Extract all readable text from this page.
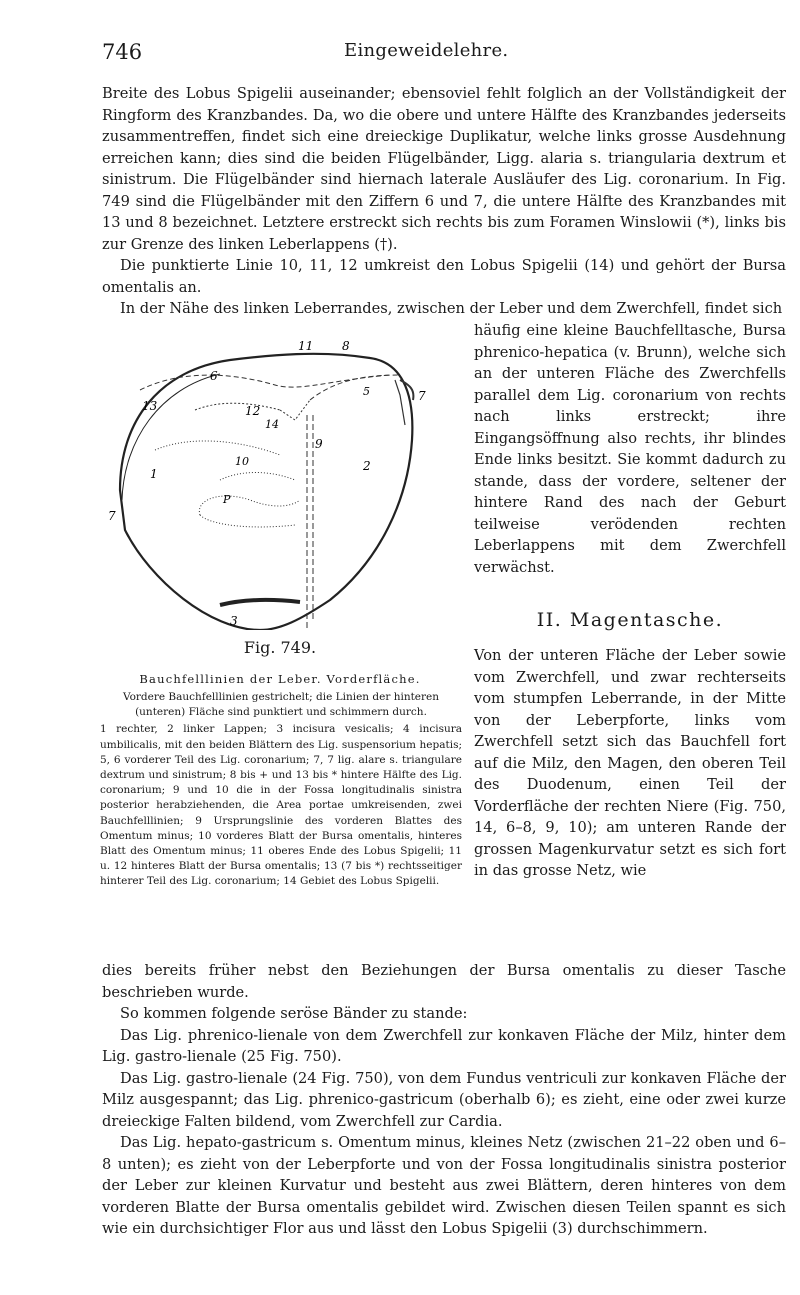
746	Eingeweidelehre.
Breite des Lobus Spigelii auseinander; ebensoviel fehlt folglich an der Vollständigkeit der Ringform des Kranzbandes. Da, wo die obere und untere Hälfte des Kranzbandes jederseits zusammentreffen, findet sich eine dreieckige Duplikatur, welche links grosse Ausdehnung erreichen kann; dies sind die beiden Flügelbänder, Ligg. alaria s. triangularia dextrum et sinistrum. Die Flügelbänder sind hiernach laterale Ausläufer des Lig. coronarium. In Fig. 749 sind die Flügelbänder mit den Ziffern 6 und 7, die untere Hälfte des Kranzbandes mit 13 und 8 bezeichnet. Letztere erstreckt sich rechts bis zum Foramen Winslowii (*), links bis zur Grenze des linken Leberlappens (†).
Die punktierte Linie 10, 11, 12 umkreist den Lobus Spigelii (14) und gehört der Bursa omentalis an.
In der Nähe des linken Leberrandes, zwischen der Leber und dem Zwerchfell, findet sich
11 8
6
5	7
13	12
14
9
10	2
1
P
7
3
Fig. 749.
Bauchfelllinien der Leber. Vorderfläche.
Vordere Bauchfelllinien gestrichelt; die Linien der hinteren (unteren) Fläche sind punktiert und schimmern durch.
1 rechter, 2 linker Lappen; 3 incisura vesicalis; 4 incisura umbilicalis, mit den beiden Blättern des Lig. suspensorium hepatis; 5, 6 vorderer Teil des Lig. coronarium; 7, 7 lig. alare s. triangulare dextrum und sinistrum; 8 bis + und 13 bis * hintere Hälfte des Lig. coronarium; 9 und 10 die in der Fossa longitudinalis sinistra posterior herabziehenden, die Area portae umkreisenden, zwei Bauchfelllinien; 9 Ursprungslinie des vorderen Blattes des Omentum minus; 10 vorderes Blatt der Bursa omentalis, hinteres Blatt des Omentum minus; 11 oberes Ende des Lobus Spigelii; 11 u. 12 hinteres Blatt der Bursa omentalis; 13 (7 bis *) rechtsseitiger hinterer Teil des Lig. coronarium; 14 Gebiet des Lobus Spigelii.
häufig eine kleine Bauchfelltasche, Bursa phrenico-hepatica (v. Brunn), welche sich an der unteren Fläche des Zwerchfells parallel dem Lig. coronarium von rechts nach links erstreckt; ihre Eingangsöffnung also rechts, ihr blindes Ende links besitzt. Sie kommt dadurch zu stande, dass der vordere, seltener der hintere Rand des nach der Geburt teilweise verödenden rechten Leberlappens mit dem Zwerchfell verwächst.
II. Magentasche.
Von der unteren Fläche der Leber sowie vom Zwerchfell, und zwar rechterseits vom stumpfen Leberrande, in der Mitte von der Leberpforte, links vom Zwerchfell setzt sich das Bauchfell fort auf die Milz, den Magen, den oberen Teil des Duodenum, einen Teil der Vorderfläche der rechten Niere (Fig. 750, 14, 6–8, 9, 10); am unteren Rande der grossen Magenkurvatur setzt es sich fort in das grosse Netz, wie
dies bereits früher nebst den Beziehungen der Bursa omentalis zu dieser Tasche beschrieben wurde.
So kommen folgende seröse Bänder zu stande:
Das Lig. phrenico-lienale von dem Zwerchfell zur konkaven Fläche der Milz, hinter dem Lig. gastro-lienale (25 Fig. 750).
Das Lig. gastro-lienale (24 Fig. 750), von dem Fundus ventriculi zur konkaven Fläche der Milz ausgespannt; das Lig. phrenico-gastricum (oberhalb 6); es zieht, eine oder zwei kurze dreieckige Falten bildend, vom Zwerchfell zur Cardia.
Das Lig. hepato-gastricum s. Omentum minus, kleines Netz (zwischen 21–22 oben und 6–8 unten); es zieht von der Leberpforte und von der Fossa longitudinalis sinistra posterior der Leber zur kleinen Kurvatur und besteht aus zwei Blättern, deren hinteres von dem vorderen Blatte der Bursa omentalis gebildet wird. Zwischen diesen Teilen spannt es sich wie ein durchsichtiger Flor aus und lässt den Lobus Spigelii (3) durchschimmern.
